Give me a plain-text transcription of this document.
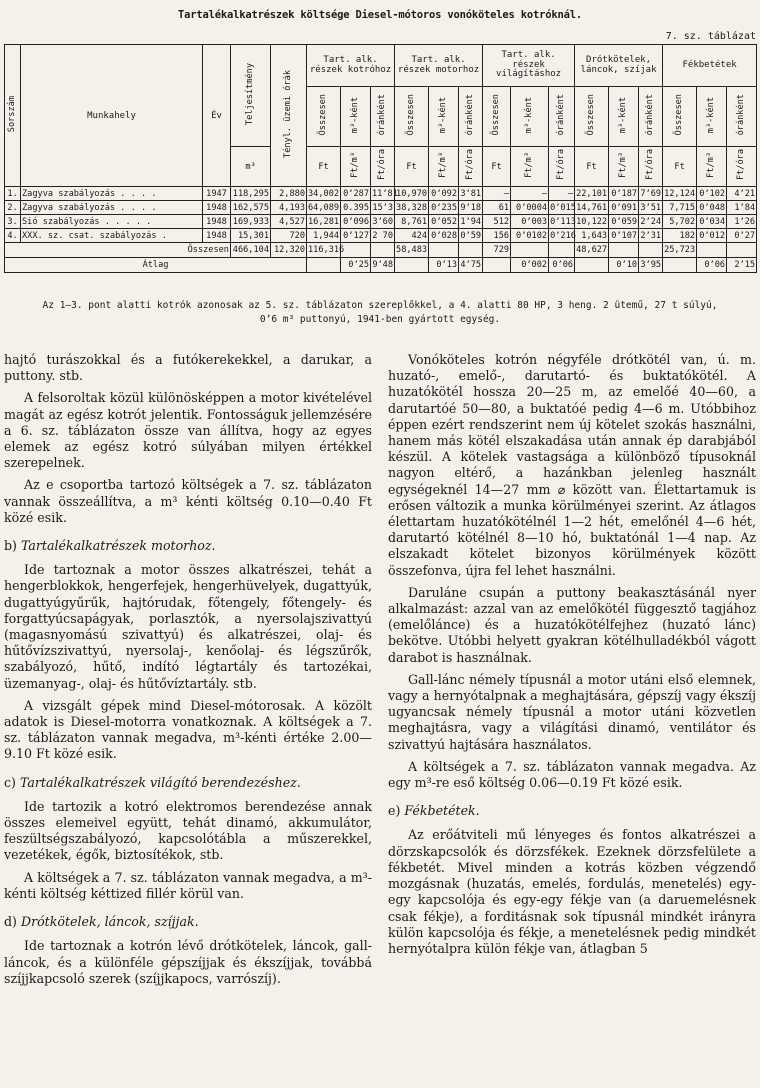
Tartalékalkatrészek költsége Diesel-mótoros vonóköteles kotróknál.
7. sz. táblázat
Sorszám	Munkahely	Év	Teljesítmény	Tényl. üzemi órák	Tart. alk. részek kotróhoz			Tart. alk. részek motorhoz			Tart. alk. részek világításhoz			Drótkötelek, láncok, szíjak			Fékbetétek		
					Összesen	m³-ként	óránként	Összesen	m³-ként	óránként	Összesen	m³-ként	óránként	Összesen	m³-ként	óránként	Összesen	m³-ként	óránként
			m³		Ft	Ft/m³	Ft/óra	Ft	Ft/m³	Ft/óra	Ft	Ft/m³	Ft/óra	Ft	Ft/m³	Ft/óra	Ft	Ft/m³	Ft/óra
1.	Zagyva szabályozás . . . .	1947	118,295	2,880	34,002	0ʼ287	11ʼ81	10,970	0ʼ092	3ʼ81	—	—	—	22,101	0ʼ187	7ʼ69	12,124	0ʼ102	4ʼ21
2.	Zagyva szabályozás . . . .	1948	162,575	4,193	64,089	0.395	15ʼ3	38,328	0ʼ235	9ʼ18	61	0ʼ0004	0ʼ015	14,761	0ʼ091	3ʼ51	7,715	0ʼ048	1ʼ84
3.	Sió szabályozás . . . . .	1948	169,933	4,527	16,281	0ʼ096	3ʼ60	8,761	0ʼ052	1ʼ94	512	0ʼ003	0ʼ113	10,122	0ʼ059	2ʼ24	5,702	0ʼ034	1ʼ26
4.	XXX. sz. csat. szabályozás .	1948	15,301	720	1,944	0ʼ127	2 70	424	0ʼ028	0ʼ59	156	0ʼ0102	0ʼ216	1,643	0ʼ107	2ʼ31	182	0ʼ012	0ʼ27
Összesen			466,104	12,320	116,316			58,483			729			48,627			25,723		
Átlag						0ʼ25	9ʼ48		0ʼ13	4ʼ75		0ʼ002	0ʼ06		0ʼ10	3ʼ95		0ʼ06	2ʼ15
Az 1—3. pont alatti kotrók azonosak az 5. sz. táblázaton szereplőkkel, a 4. alatti 80 HP, 3 heng. 2 ütemű, 27 t súlyú,
0ʼ6 m³ puttonyú, 1941-ben gyártott egység.

hajtó turászokkal és a futókerekekkel, a darukar, a puttony. stb.

A felsoroltak közül különösképpen a motor kivételével magát az egész kotrót jelentik. Fontosságuk jellemzésére a 6. sz. táblázaton össze van állítva, hogy az egyes elemek az egész kotró súlyában milyen értékkel szerepelnek.

Az e csoportba tartozó költségek a 7. sz. táblázaton vannak összeállítva, a m³ kénti költség 0.10—0.40 Ft közé esik.

b) Tartalékalkatrészek motorhoz.

Ide tartoznak a motor összes alkatrészei, tehát a hengerblokkok, hengerfejek, hengerhüvelyek, dugattyúk, dugattyúgyűrűk, hajtórudak, főtengely, főtengely- és forgattyúcsapágyak, porlasztók, a nyersolajszivattyú (magasnyomású szivattyú) és alkatrészei, olaj- és hűtővízszivattyú, nyersolaj-, kenőolaj- és légszűrők, szabályozó, hűtő, indító légtartály és tartozékai, üzemanyag-, olaj- és hűtővíztartály. stb.

A vizsgált gépek mind Diesel-mótorosak. A közölt adatok is Diesel-motorra vonatkoznak. A költségek a 7. sz. táblázaton vannak megadva, m³-kénti értéke 2.00—9.10 Ft közé esik.

c) Tartalékalkatrészek világító berendezéshez.

Ide tartozik a kotró elektromos berendezése annak összes elemeivel együtt, tehát dinamó, akkumulátor, feszültségszabályozó, kapcsolótábla a műszerekkel, vezetékek, égők, biztosítékok, stb.

A költségek a 7. sz. táblázaton vannak megadva, a m³-kénti költség kéttized fillér körül van.

d) Drótkötelek, láncok, szíjjak.

Ide tartoznak a kotrón lévő drótkötelek, láncok, gall-láncok, és a különféle gépszíjjak és ékszíjjak, továbbá szíjjkapcsoló szerek (szíjjkapocs, varrószíj).

Vonóköteles kotrón négyféle drótkötél van, ú. m. huzató-, emelő-, darutartó- és buktatókötél. A huzatókötél hossza 20—25 m, az emelőé 40—60, a darutartóé 50—80, a buktatóé pedig 4—6 m. Utóbbihoz éppen ezért rendszerint nem új kötelet szokás használni, hanem más kötél elszakadása után annak ép darabjából készül. A kötelek vastagsága a különböző típusoknál nagyon eltérő, a hazánkban jelenleg használt egységeknél 14—27 mm ⌀ között van. Élettartamuk is erősen változik a munka körülményei szerint. Az átlagos élettartam huzatókötélnél 1—2 hét, emelőnél 4—6 hét, darutartó kötélnél 8—10 hó, buktatónál 1—4 nap. Az elszakadt kötelet bizonyos körülmények között összefonva, újra fel lehet használni.

Daruláne csupán a puttony beakasztásánál nyer alkalmazást: azzal van az emelőkötél függesztő tagjához (emelőlánce) és a huzatókötélfejhez (huzató lánc) bekötve. Utóbbi helyett gyakran kötélhulladékból vágott darabot is használnak.

Gall-lánc némely típusnál a motor utáni első elemnek, vagy a hernyótalpnak a meghajtására, gépszíj vagy ékszíj ugyancsak némely típusnál a motor utáni közvetlen meghajtásra, vagy a világítási dinamó, ventilátor és szivattyú hajtására használatos.

A költségek a 7. sz. táblázaton vannak megadva. Az egy m³-re eső költség 0.06—0.19 Ft közé esik.

e) Fékbetétek.

Az erőátviteli mű lényeges és fontos alkatrészei a dörzskapcsolók és dörzsfékek. Ezeknek dörzsfelülete a fékbetét. Mivel minden a kotrás közben végzendő mozgásnak (huzatás, emelés, fordulás, menetelés) egy-egy kapcsolója és egy-egy fékje van (a daruemelésnek csak fékje), a forditásnak sok típusnál mindkét irányra külön kapcsolója és fékje, a menetelésnek pedig mindkét hernyótalpra külön fékje van, átlagban 5
